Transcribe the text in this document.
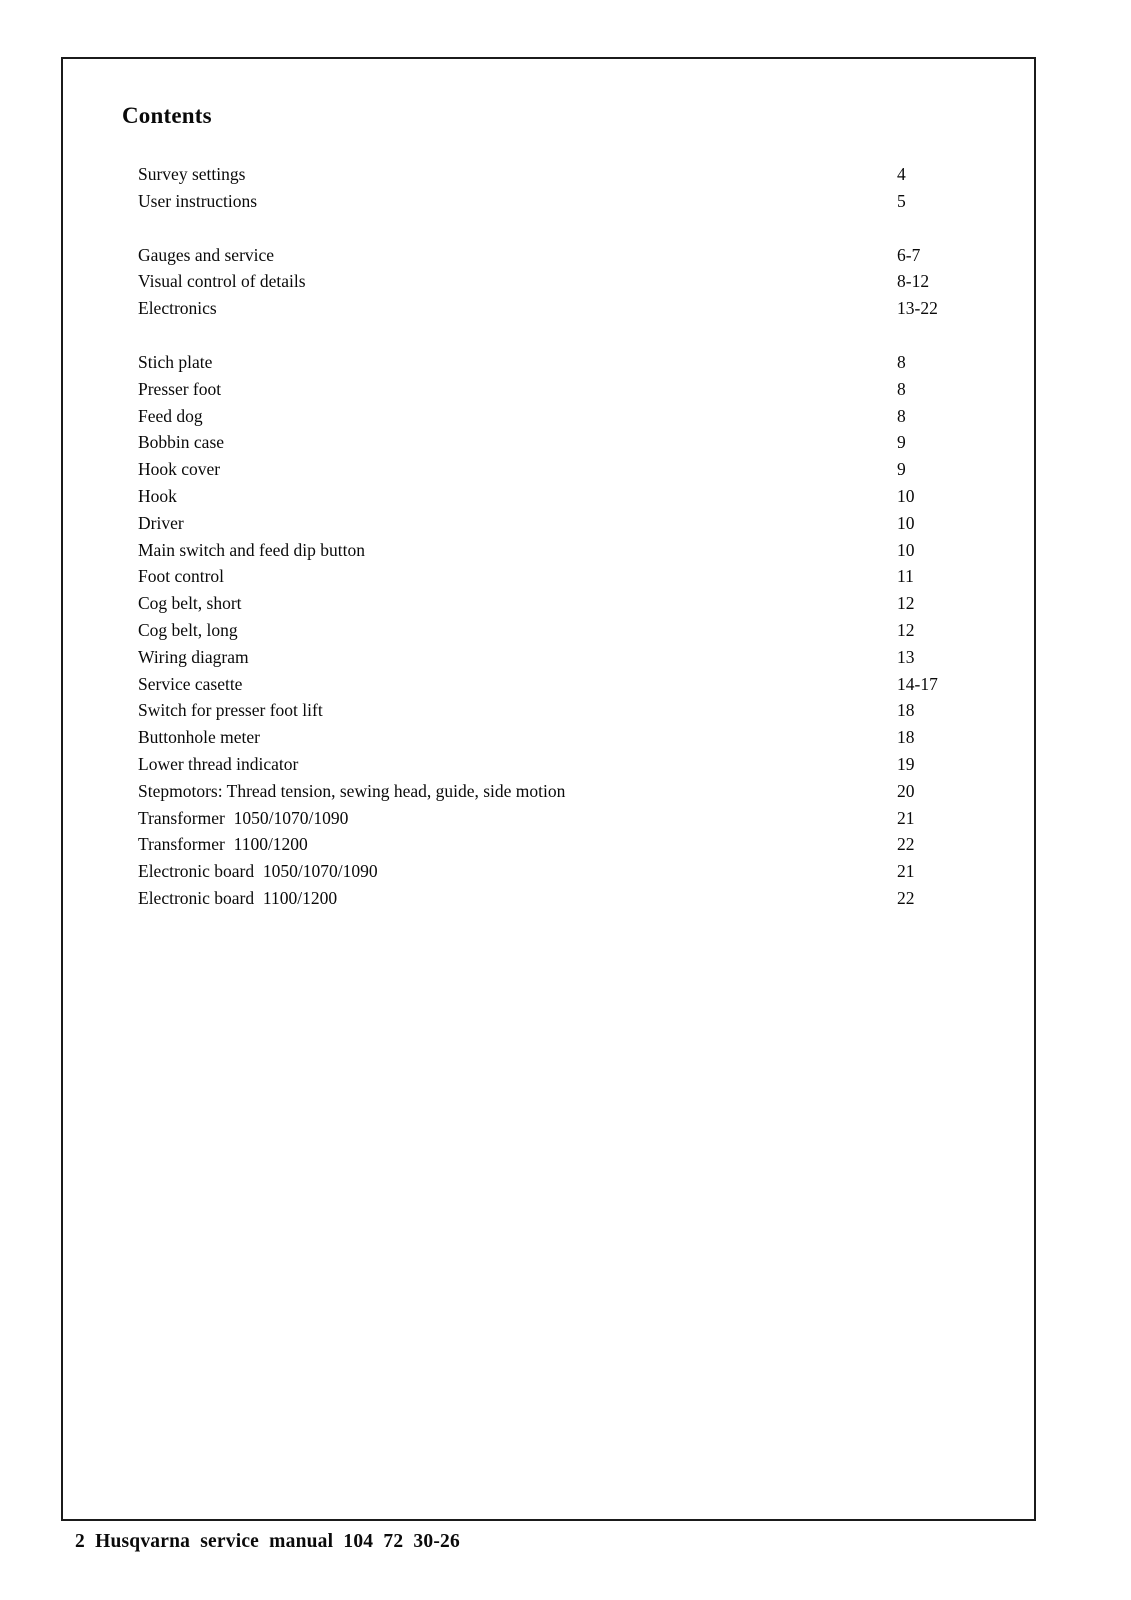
Contents
Survey settings	4
User instructions	5
Gauges and service	6-7
Visual control of details	8-12
Electronics	13-22
Stich plate	8
Presser foot	8
Feed dog	8
Bobbin case	9
Hook cover	9
Hook	10
Driver	10
Main switch and feed dip button	10
Foot control	11
Cog belt, short	12
Cog belt, long	12
Wiring diagram	13
Service casette	14-17
Switch for presser foot lift	18
Buttonhole meter	18
Lower thread indicator	19
Stepmotors: Thread tension, sewing head, guide, side motion	20
Transformer  1050/1070/1090	21
Transformer  1100/1200	22
Electronic board  1050/1070/1090	21
Electronic board  1100/1200	22
2  Husqvarna  service  manual  104  72  30-26
